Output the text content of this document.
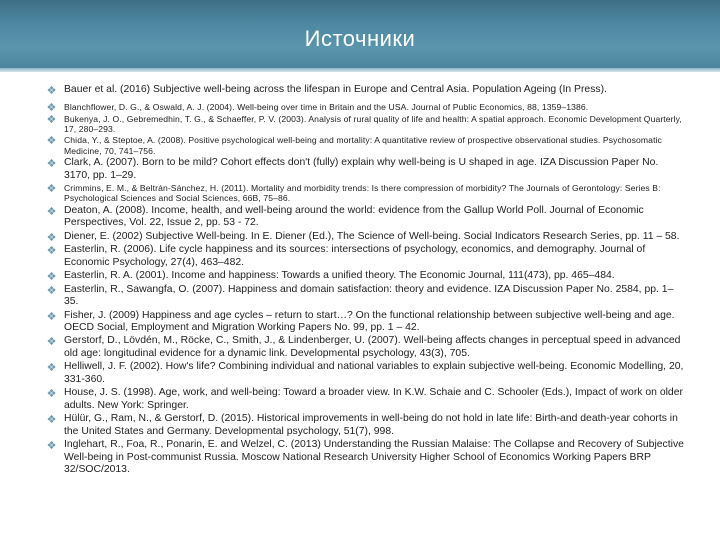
Источники
❖ Bauer et al. (2016) Subjective well-being across the lifespan in Europe and Central Asia. Population Ageing (In Press).
❖ Blanchflower, D. G., & Oswald, A. J. (2004). Well-being over time in Britain and the USA. Journal of Public Economics, 88, 1359–1386.
❖ Bukenya, J. O., Gebremedhin, T. G., & Schaeffer, P. V. (2003). Analysis of rural quality of life and health: A spatial approach. Economic Development Quarterly, 17, 280–293.
❖ Chida, Y., & Steptoe, A. (2008). Positive psychological well-being and mortality: A quantitative review of prospective observational studies. Psychosomatic Medicine, 70, 741–756.
❖ Clark, A. (2007). Born to be mild? Cohort effects don't (fully) explain why well-being is U shaped in age. IZA Discussion Paper No. 3170, pp. 1–29.
❖ Crimmins, E. M., & Beltrán-Sánchez, H. (2011). Mortality and morbidity trends: Is there compression of morbidity? The Journals of Gerontology: Series B: Psychological Sciences and Social Sciences, 66B, 75–86.
❖ Deaton, A. (2008). Income, health, and well-being around the world: evidence from the Gallup World Poll. Journal of Economic Perspectives, Vol. 22, Issue 2, pp. 53 - 72.
❖ Diener, E. (2002) Subjective Well-being. In E. Diener (Ed.), The Science of Well-being. Social Indicators Research Series, pp. 11 – 58.
❖ Easterlin, R. (2006). Life cycle happiness and its sources: intersections of psychology, economics, and demography. Journal of Economic Psychology, 27(4), 463–482.
❖ Easterlin, R. A. (2001). Income and happiness: Towards a unified theory. The Economic Journal, 111(473), pp. 465–484.
❖ Easterlin, R., Sawangfa, O. (2007). Happiness and domain satisfaction: theory and evidence. IZA Discussion Paper No. 2584, pp. 1–35.
❖ Fisher, J. (2009) Happiness and age cycles – return to start…? On the functional relationship between subjective well-being and age. OECD Social, Employment and Migration Working Papers No. 99, pp. 1 – 42.
❖ Gerstorf, D., Lövdén, M., Röcke, C., Smith, J., & Lindenberger, U. (2007). Well-being affects changes in perceptual speed in advanced old age: longitudinal evidence for a dynamic link. Developmental psychology, 43(3), 705.
❖ Helliwell, J. F. (2002). How's life? Combining individual and national variables to explain subjective well-being. Economic Modelling, 20, 331-360.
❖ House, J. S. (1998). Age, work, and well-being: Toward a broader view. In K.W. Schaie and C. Schooler (Eds.), Impact of work on older adults. New York: Springer.
❖ Hülür, G., Ram, N., & Gerstorf, D. (2015). Historical improvements in well-being do not hold in late life: Birth-and death-year cohorts in the United States and Germany. Developmental psychology, 51(7), 998.
❖ Inglehart, R., Foa, R., Ponarin, E. and Welzel, C. (2013) Understanding the Russian Malaise: The Collapse and Recovery of Subjective Well-being in Post-communist Russia. Moscow National Research University Higher School of Economics Working Papers BRP 32/SOC/2013.
